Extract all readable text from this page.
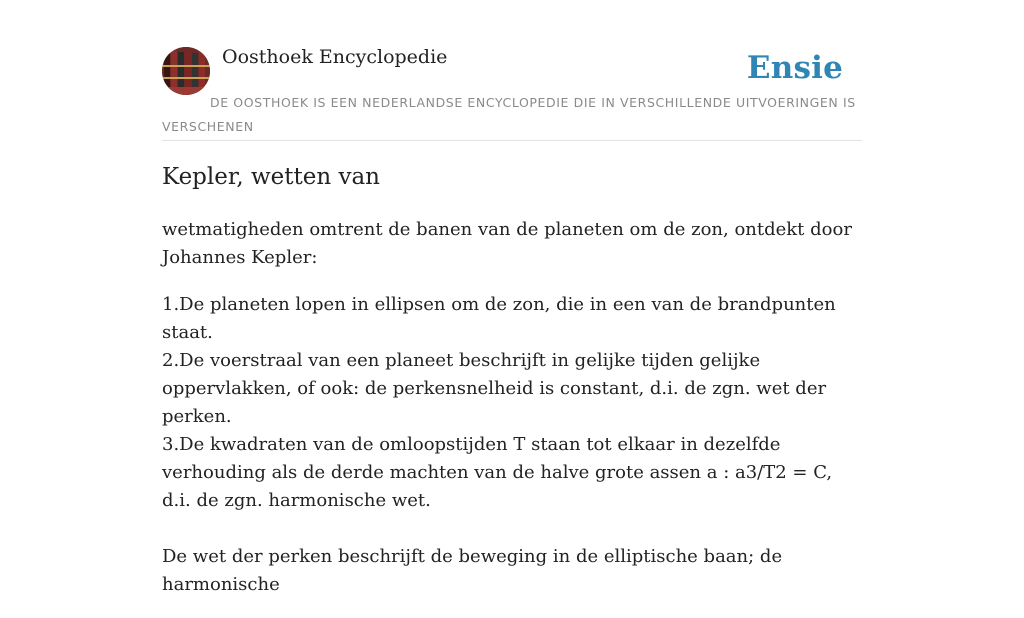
Oosthoek Encyclopedie	Ensie
DE OOSTHOEK IS EEN NEDERLANDSE ENCYCLOPEDIE DIE IN VERSCHILLENDE UITVOERINGEN IS VERSCHENEN
Kepler, wetten van

wetmatigheden omtrent de banen van de planeten om de zon, ontdekt door Johannes Kepler:

1.De planeten lopen in ellipsen om de zon, die in een van de brandpunten staat.
2.De voerstraal van een planeet beschrijft in gelijke tijden gelijke oppervlakken, of ook: de perkensnelheid is constant, d.i. de zgn. wet der perken.
3.De kwadraten van de omloopstijden T staan tot elkaar in dezelfde verhouding als de derde machten van de halve grote assen a : a3/T2 = C, d.i. de zgn. harmonische wet.

De wet der perken beschrijft de beweging in de elliptische baan; de harmonische
